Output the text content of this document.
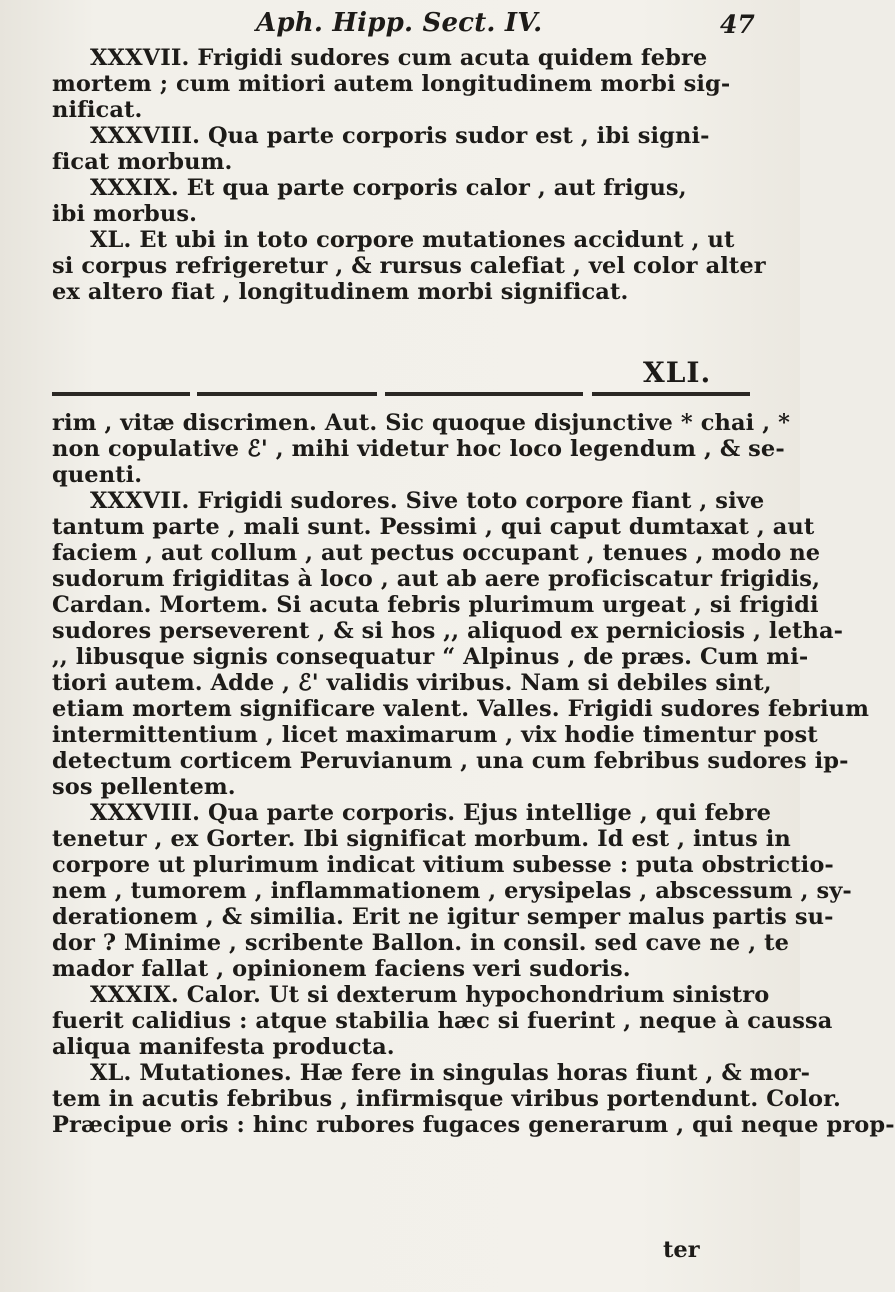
Aph. Hipp. Sect. IV.	47
XXXVII. Frigidi sudores cum acuta quidem febre
mortem ; cum mitiori autem longitudinem morbi sig-
nificat.
XXXVIII. Qua parte corporis sudor est , ibi signi-
ficat morbum.
XXXIX. Et qua parte corporis calor , aut frigus,
ibi morbus.
XL. Et ubi in toto corpore mutationes accidunt , ut
si corpus refrigeretur , & rursus calefiat , vel color alter
ex altero fiat , longitudinem morbi significat.
XLI.
rim , vitæ discrimen. Aut. Sic quoque disjunctive * chai , *
non copulative ℰ' , mihi videtur hoc loco legendum , & se-
quenti.
XXXVII. Frigidi sudores. Sive toto corpore fiant , sive
tantum parte , mali sunt. Pessimi , qui caput dumtaxat , aut
faciem , aut collum , aut pectus occupant , tenues , modo ne
sudorum frigiditas à loco , aut ab aere proficiscatur frigidis,
Cardan. Mortem. Si acuta febris plurimum urgeat , si frigidi
sudores perseverent , & si hos ,, aliquod ex perniciosis , letha-
,, libusque signis consequatur “ Alpinus , de præs. Cum mi-
tiori autem. Adde , ℰ' validis viribus. Nam si debiles sint,
etiam mortem significare valent. Valles. Frigidi sudores febrium
intermittentium , licet maximarum , vix hodie timentur post
detectum corticem Peruvianum , una cum febribus sudores ip-
sos pellentem.
XXXVIII. Qua parte corporis. Ejus intellige , qui febre
tenetur , ex Gorter. Ibi significat morbum. Id est , intus in
corpore ut plurimum indicat vitium subesse : puta obstrictio-
nem , tumorem , inflammationem , erysipelas , abscessum , sy-
derationem , & similia. Erit ne igitur semper malus partis su-
dor ? Minime , scribente Ballon. in consil. sed cave ne , te
mador fallat , opinionem faciens veri sudoris.
XXXIX. Calor. Ut si dexterum hypochondrium sinistro
fuerit calidius : atque stabilia hæc si fuerint , neque à caussa
aliqua manifesta producta.
XL. Mutationes. Hæ fere in singulas horas fiunt , & mor-
tem in acutis febribus , infirmisque viribus portendunt. Color.
Præcipue oris : hinc rubores fugaces generarum , qui neque prop-
ter
